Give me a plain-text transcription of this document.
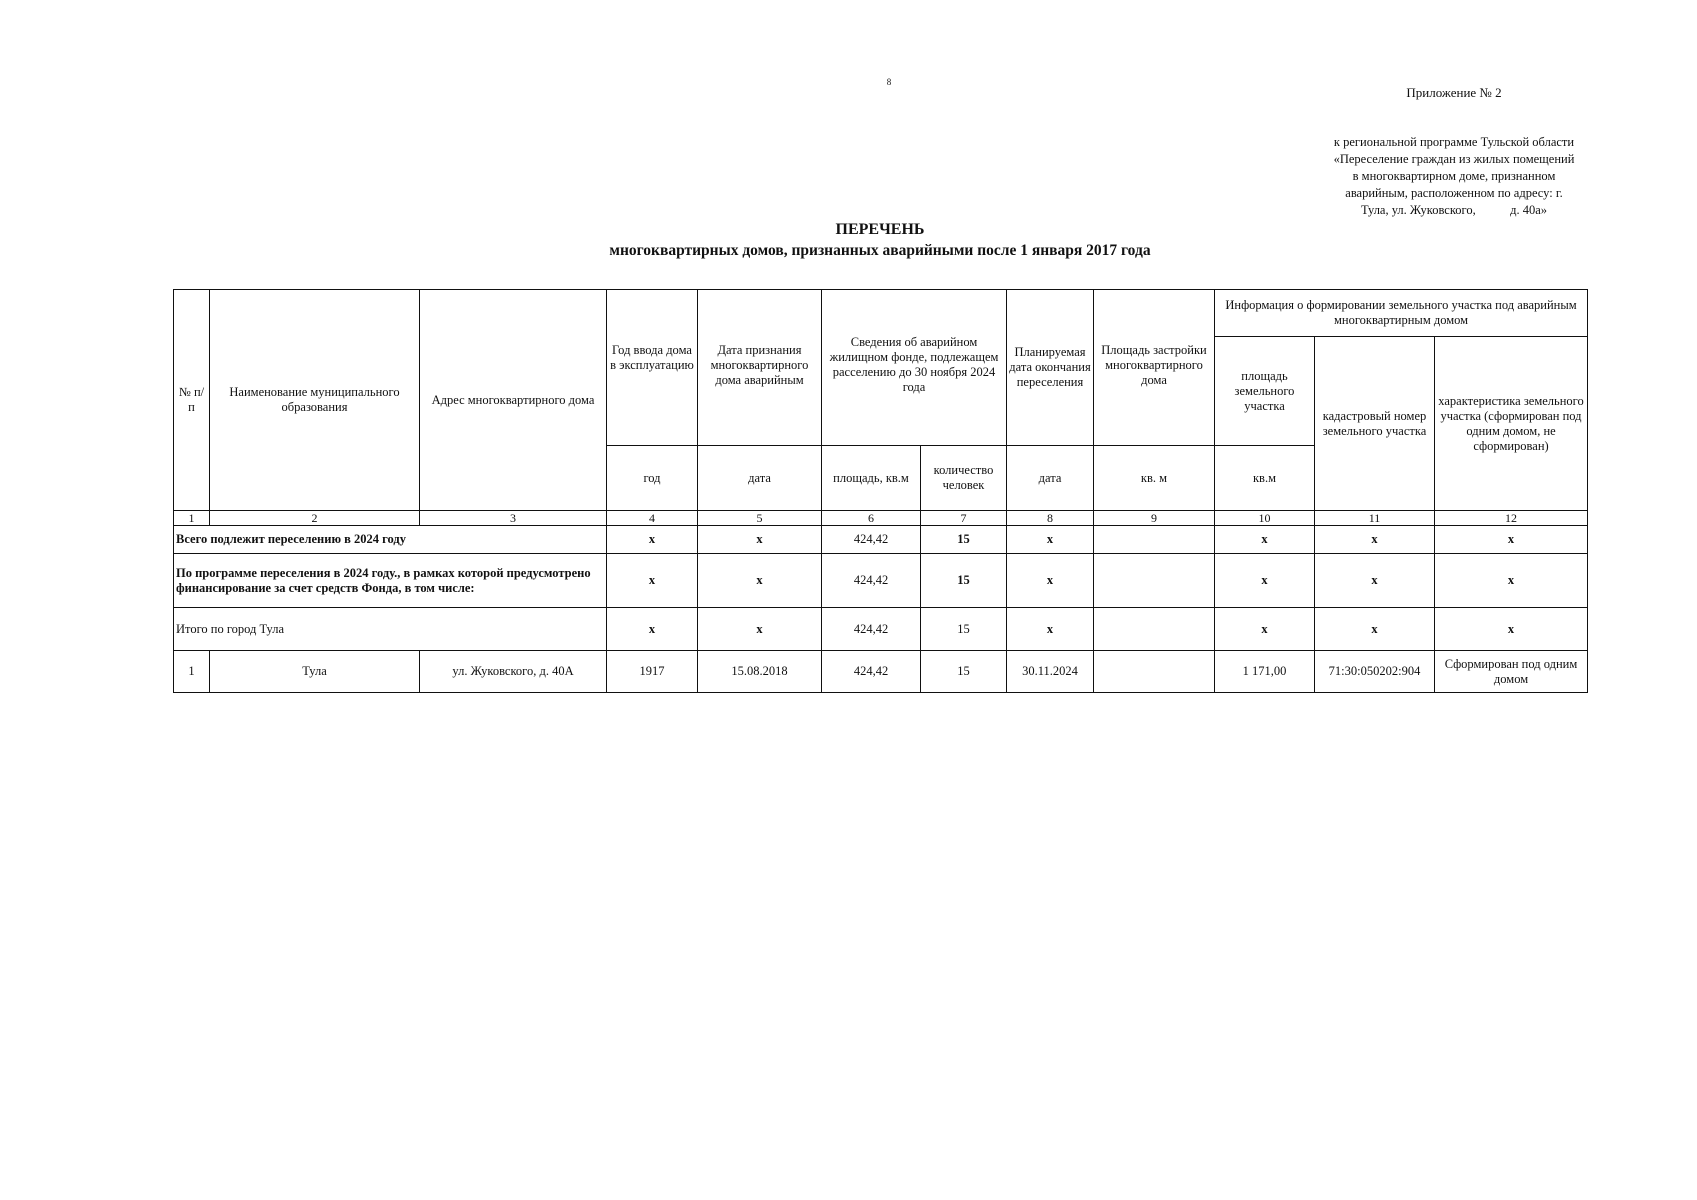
8
Приложение № 2
к региональной программе Тульской области
«Переселение граждан из жилых помещений
в многоквартирном доме, признанном
аварийным, расположенном по адресу: г.
Тула, ул. Жуковского,           д. 40а»
ПЕРЕЧЕНЬ
многоквартирных домов, признанных аварийными после 1 января 2017 года
№ п/п	Наименование муниципального образования	Адрес многоквартирного дома	Год ввода дома в эксплуатацию	Дата признания многоквартирного дома аварийным	Сведения об аварийном жилищном фонде, подлежащем расселению до 30 ноября 2024 года		Планируемая дата окончания переселения	Площадь застройки многоквартирного дома	Информация о формировании земельного участка под аварийным многоквартирным домом		
									площадь земельного участка	кадастровый номер земельного участка	характеристика земельного участка (сформирован под одним домом, не сформирован)
			год	дата	площадь, кв.м	количество человек	дата	кв. м	кв.м		
1	2	3	4	5	6	7	8	9	10	11	12
Всего подлежит переселению в 2024 году			х	х	424,42	15	х		х	х	х
По программе переселения в 2024 году., в рамках которой предусмотрено финансирование за счет средств Фонда, в том числе:			х	х	424,42	15	х		х	х	х
Итого по город Тула			х	х	424,42	15	х		х	х	х
1	Тула	ул. Жуковского, д. 40А	1917	15.08.2018	424,42	15	30.11.2024		1 171,00	71:30:050202:904	Сформирован под одним домом
